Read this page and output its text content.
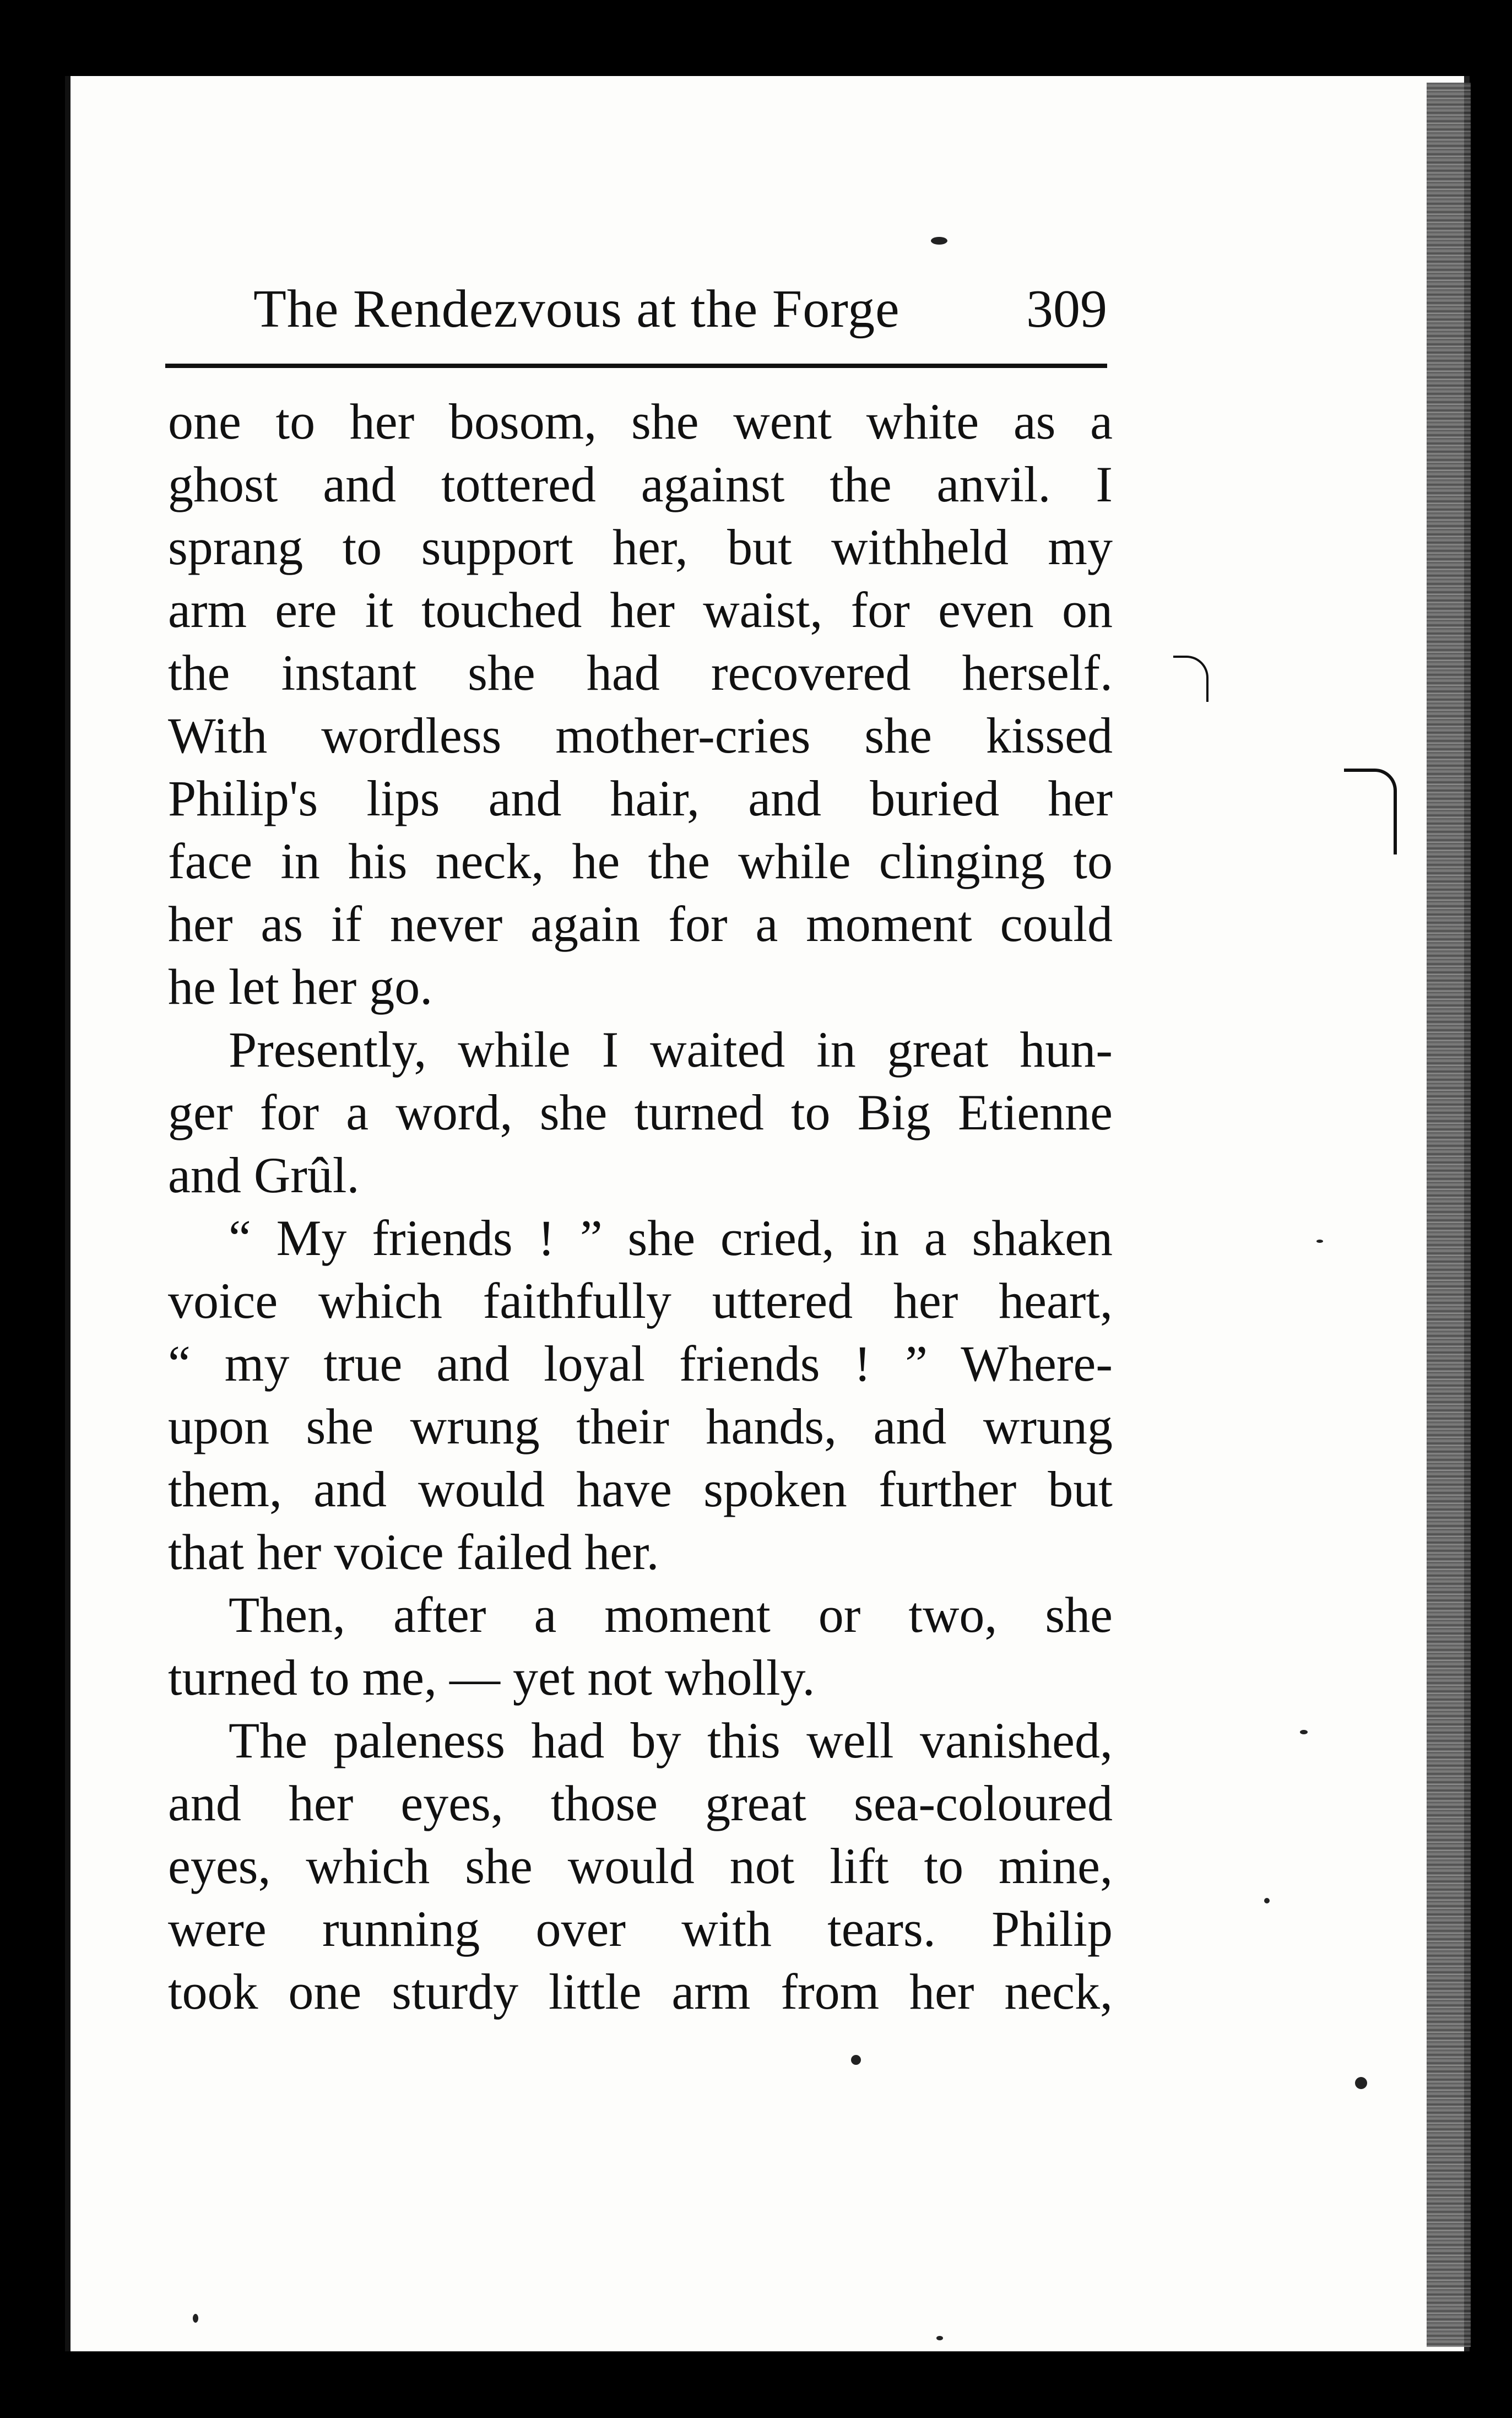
The Rendezvous at the Forge 309
one to her bosom, she went white as a
ghost and tottered against the anvil. I
sprang to support her, but withheld my
arm ere it touched her waist, for even on
the instant she had recovered herself.
With wordless mother-cries she kissed
Philip's lips and hair, and buried her
face in his neck, he the while clinging to
her as if never again for a moment could
he let her go.
Presently, while I waited in great hun-
ger for a word, she turned to Big Etienne
and Grûl.
“ My friends ! ” she cried, in a shaken
voice which faithfully uttered her heart,
“ my true and loyal friends ! ” Where-
upon she wrung their hands, and wrung
them, and would have spoken further but
that her voice failed her.
Then, after a moment or two, she
turned to me, — yet not wholly.
The paleness had by this well vanished,
and her eyes, those great sea-coloured
eyes, which she would not lift to mine,
were running over with tears. Philip
took one sturdy little arm from her neck,
